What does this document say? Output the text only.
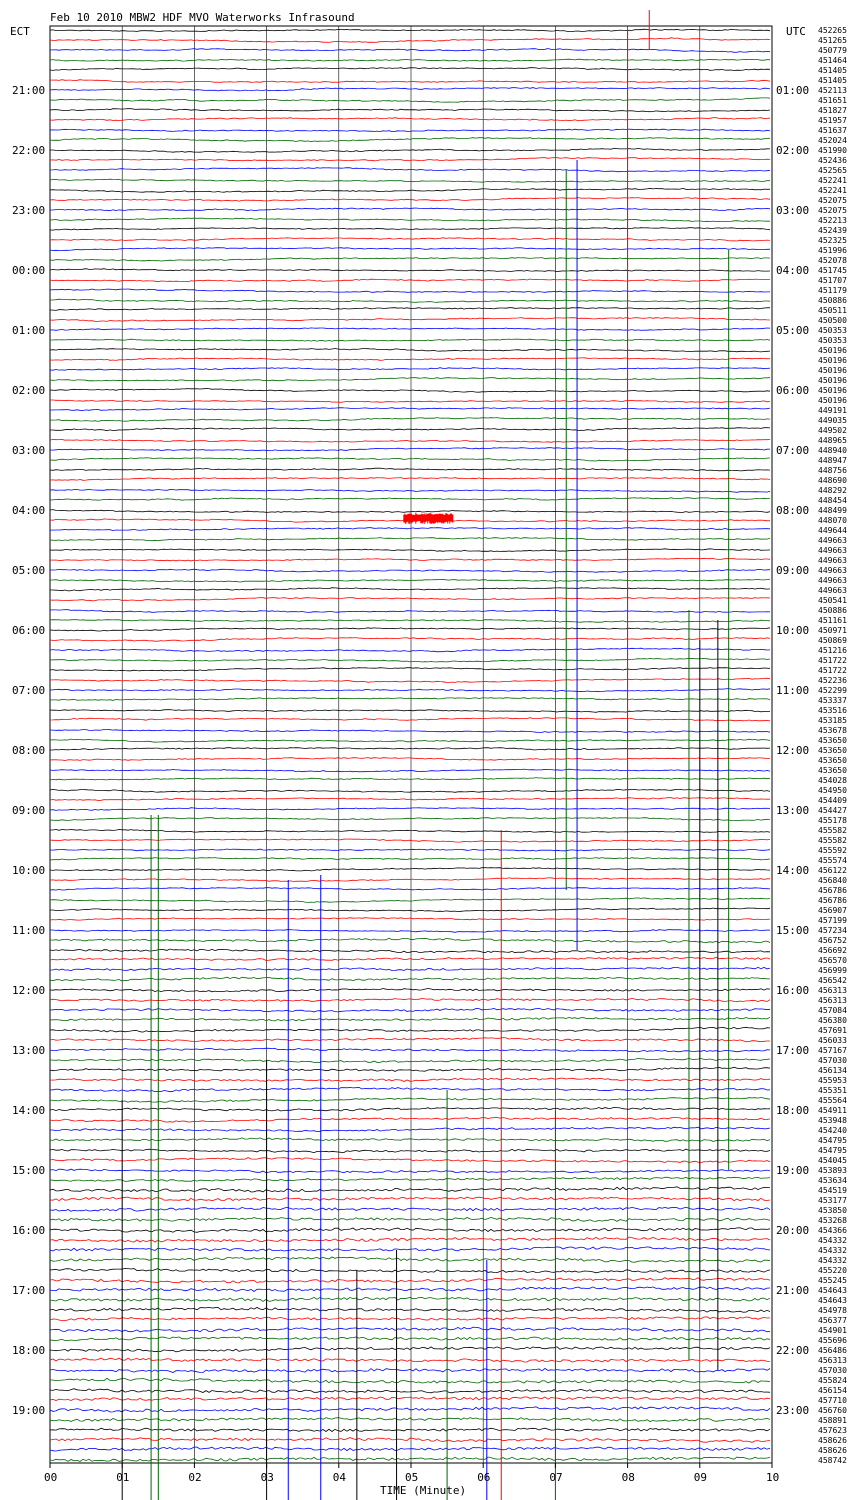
Feb 10 2010 MBW2 HDF MVO Waterworks Infrasound
ECT	UTC
21:00
22:00
23:00
00:00
01:00
02:00
03:00
04:00
05:00
06:00
07:00
08:00
09:00
10:00
11:00
12:00
13:00
14:00
15:00
16:00
17:00
18:00
19:00
01:00
02:00
03:00
04:00
05:00
06:00
07:00
08:00
09:00
10:00
11:00
12:00
13:00
14:00
15:00
16:00
17:00
18:00
19:00
20:00
21:00
22:00
23:00
452265
451265
450779
451464
451405
451405
452113
451651
451827
451957
451637
452024
451990
452436
452565
452241
452241
452075
452075
452213
452439
452325
451996
452078
451745
451707
451179
450886
450511
450500
450353
450353
450196
450196
450196
450196
450196
450196
449191
449035
449502
448965
448940
448947
448756
448690
448292
448454
448499
448070
449644
449663
449663
449663
449663
449663
449663
450541
450886
451161
450971
450869
451216
451722
451722
452236
452299
453337
453516
453185
453678
453650
453650
453650
453650
454028
454950
454409
454427
455178
455582
455582
455592
455574
456122
456840
456786
456786
456907
457199
457234
456752
456692
456570
456999
456542
456313
456313
457084
456380
457691
456033
457167
457030
456134
455953
455351
455564
454911
453948
454240
454795
454795
454045
453893
453634
454519
453177
453850
453268
454366
454332
454332
454332
455220
455245
454643
454643
454978
456377
454901
455696
456486
456313
457030
455824
456154
457710
456760
458891
457623
458626
458626
458742
00	01	02	03	04	05	06	07	08	09	10
TIME (Minute)
